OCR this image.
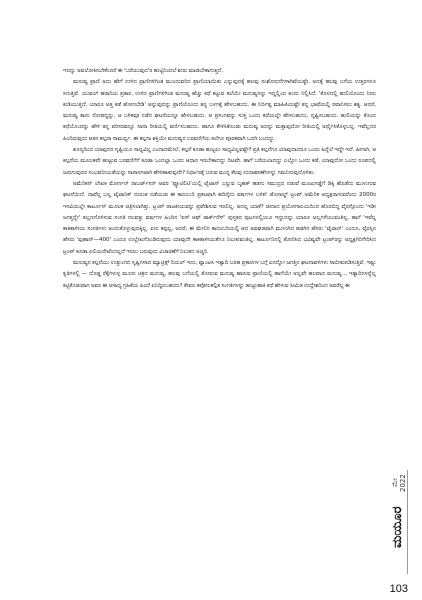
ಇದನ್ನು ಅವಲೋಕಿಸಬೇಕೆಂದರೆ ಈ 'ಬರೆಯುವುದ'ರ ಹುಟ್ಟಿನಿಂದಲೆ ಶುರು ಮಾಡಬೇಕಾಗುತ್ತದೆ.

ಮನುಷ್ಯ ಪ್ರಾಣಿ ಅದು ಹೇಗೆ ಉಳಿದ ಪ್ರಾಣಿಗಳಿಗಿಂತ ಮುಂದುವರಿದ ಪ್ರಾಣಿಯಾಯಿತು ಎನ್ನುವುದಕ್ಕೆ ಹಲವು ಸಂಶೋಧನೆಗಳಾಗಿವೆಯಷ್ಟೇ. ಅದಕ್ಕೆ ಹಲವು ಬಗೆಯ ಉತ್ತರಗಳೂ ಸಿಗುತ್ತಿವೆ. ಯುವಲ್ ಹರಾರಿಯ ಪ್ರಕಾರ, ಉಳಿದ ಪ್ರಾಣಿಗಳಿಗಿಂತ ಮನುಷ್ಯ ಹೆಚ್ಚು ಕಥೆ ಕಟ್ಟುವ ಕಲೆಯೇ ಮನುಷ್ಯನನ್ನು ಇದ್ದಲ್ಲಿಂದ ತಂದು ನಿಲ್ಲಿಸಿದೆ. 'ಕೊಳದಲ್ಲಿ ಹುಲಿಯೊಂದು ನೀರು ಕುಡಿಯುತ್ತಿದೆ, ಯಾರೂ ಅತ್ತ ಕಡೆ ಹೋಗಬೇಡಿ' ಅನ್ನುವುದನ್ನು ಪ್ರಾಣಿಯೊಂದು ತನ್ನ ಬಳಗಕ್ಕೆ ಹೇಳಬಹುದು. ಈ ನಿರ್ದಿಷ್ಟ ಮಾಹಿತಿಯಷ್ಟೇ ತನ್ನ ಭಾಷೆಯಲ್ಲಿ ರವಾನಿಸಲು ಶಕ್ಯ. ಆದರೆ, ಮನುಷ್ಯ ತಾನು ನೋಡದ್ದನ್ನು, ಆ ಬಳಿಕವೂ ನಡೆದ ಘಟನೆಯನ್ನೂ ಹೇಳಬಹುದು. ಆ ಪ್ರಸಂಗವನ್ನು ಸುತ್ತ ಒಂದು ಕಥೆಯಲ್ಲೇ ಹೇಳಬಹುದು, ಸೃಷ್ಟಿಸಬಹುದು. ಹುಲಿಯನ್ನು ಕೊಂದ ಕಥೆಯೊಂದನ್ನು ಹೇಳಿ ತನ್ನ ಪರಿಸರವನ್ನೂ ನಾನಾ ರೀತಿಯಲ್ಲಿ ವರ್ಣಿಸಬಹುದು. ಹಾಗೂ ಕೇಳಿಸಿಕೊಂಡು ಮನುಷ್ಯ ಅದನ್ನು ಮತ್ತಾವುದೋ ರೀತಿಯಲ್ಲಿ ಅರ್ಥೈಸಿಕೊಳ್ಳಬಲ್ಲ. ಇವೆಲ್ಲದರ ಹಿಂದಿರುವುದು ಆತನ ಕಲ್ಪನಾ ಸಾಮರ್ಥ್ಯ. ಈ ಕಲ್ಪನಾ ಶಕ್ತಿಯೇ ಮನುಷ್ಯನ ಬರವಣಿಗೆಯ ಕಲೆಗೂ ಪೂರಕವಾಗಿ ಒದಗಿ ಬಂದದ್ದು.

ಶೂನ್ಯದಿಂದ ಯಾವುದರ ಸೃಷ್ಟಿಯೂ ಸಾಧ್ಯವಿಲ್ಲ ಎಂದಾದಮೇಲೆ, ಕಲ್ಪನೆ ಕೂಡಾ ಹುಟ್ಟಲು ಸಾಧ್ಯವಿಲ್ಲವಷ್ಟೇ? ಪ್ರತಿ ಕಲ್ಪನೆಗೂ ಯಾವುದಾದರೂ ಒಂದು ಹಿನ್ನೆಲೆ ಇದ್ದೇ ಇದೆ. ಹೀಗಾಗಿ, ಆ ಕಲ್ಪನೆಯ ಮೂಲಕವೇ ಹುಟ್ಟುವ ಬರವಣಿಗೆಗೆ ಕೂಡಾ ಒಂದಲ್ಲಾ ಒಂದು ಆಧಾರ ಇರಬೇಕಾದದ್ದು ದಿಟವೇ. ಹಾಗೆ ಬರೆಯಲಾದದ್ದು ಎಲ್ಲೋ ಒಂದು ಕಡೆ, ಯಾವುದೋ ಒಂದು ರೂಪದಲ್ಲಿ ಜರುಗುವುದರ ಸಂಭವನೀಯತೆಯನ್ನು ಸಾರಾಸಗಟಾಗಿ ಹೇಳಿಹಾಕುವುದೇ? ನಿರ್ಧಾರಕ್ಕೆ ಬರುವ ಮುನ್ನ ಕೆಲವು ಉದಾಹರಣೆಗಳನ್ನು ಗಮನಿಸುವುದೊಳಿತು.

ಅಮೆರಿಕನ್ ಲೇಖಕ ಮೋರ್ಗನ್ ರಾಬರ್ಟ್‌ಸನ್ ಅವರ 'ಫ್ಯೂಟಿಲಿಟಿ'ಯಲ್ಲಿ ಟೈಟಾನ್ ಎನ್ನುವ ಬೃಹತ್ ಹಡಗು ಸಮುದ್ರದ ನಡುವೆ ಮಂಜುಗಡ್ಡೆಗೆ ಡಿಕ್ಕಿ ಹೊಡೆದು ಮುಳುಗುವ ಘಟನೆಯಿದೆ. ನಾವೆಲ್ಲ ಬಲ್ಲ ಟೈಟಾನಿಕ್ ದುರಂತ ನಡೆಯುವ ಈ ಕಾದಂಬರಿ ಪ್ರಕಟವಾಗಿ ಹದಿನೈದು ವರ್ಷಗಳ ಬಳಿಕ! ಡೊನಾಲ್ಡ್ ಟ್ರಂಪ್ ಅಮೆರಿಕ ಅಧ್ಯಕ್ಷರಾಗುವರೆಂದು 2000ರ ಇಸವಿಯಲ್ಲೇ ಕಾರ್ಟೂನ್ ಮೂಲಕ ಚಿತ್ರಿಸಲಾಗಿತ್ತು. ಟ್ರಂಪ್ ರಾಜಕೀಯವನ್ನು ಪ್ರವೇಶಿಸುವ ಇರಲಿಲ್ಲ. ಅದಲ್ಲ ಯಾಕೆ? ಚೀನಾದ ಪ್ರಯೋಗಾಲಯದಿಂದ ಹೊರಬಿದ್ದ ವೈರಸ್ಸೊಂದು 'ಇಡೀ ಜಗತ್ತನ್ನೇ' ತಲ್ಲಣಗೊಳಿಸುವ ಸಂಗತಿ ನಲವತ್ತು ವರ್ಷಗಳ ಹಿಂದಿನ 'ಐಸ್ ಆಫ್ ಡಾರ್ಕ್‌ನೆಸ್' ಪುಸ್ತಕದ ಪುಟಗಳಲ್ಲಿಯೂ ಇದ್ದುದನ್ನು ಯಾರೂ ಅಲ್ಲಗಳೆಯುವಂತಿಲ್ಲ. ಹಾಗೆ 'ಇವೆಲ್ಲ ಕಾಕತಾಳೀಯ ಸಂಗತಿಗಳು ಅಂದುಕೊಳ್ಳುವುದಕ್ಕಿಲ್ಲ. ಏನು ಕಪ್ಪಲ್ಲ, ಅದರೆ, ಈ ಮೇಲಿನ ಕಾದಂಬರಿಯಲ್ಲಿ ಆದ ಅವಘಡವಾಗಿ ಮುಳುಗಿದ ಹಡಗಿನ ಹೆಸರು 'ಟೈಟಾನ್' ಎಂದೂ, ವೈರಸ್ಸಿನ ಹೆಸರು 'ವುಹಾನ್—400' ಎಂದೂ ಉಲ್ಲೇಖಗೊಂಡಿರುವುದು ಯಾವುದೇ ಕಾಕತಾಳೀಯತೆಗೂ ನಿಲುಕುವಂತಿಲ್ಲ. ಕಾರ್ಟೂನಿನಲ್ಲಿ ತೋರಿಸಿದ ಭವಿಷ್ಯವೇ ಟ್ರಂಪ್‌ರನ್ನು ಅಧ್ಯಕ್ಷಗಿರಿಗೇರಿಸಿದ ಟ್ರಂಪ್ ಕೂಡಾ ಏಲಿಯನೇಟೆಂದಲ್ಲದೆ ಇರಲು ಬರುವುದು ವಿಚಾರಣೆಗೆ ನಿಲುಕದ ಅಚ್ಚರಿ.

ಮನುಷ್ಯನ ಕಲ್ಪನೆಯು ಉತ್ತುಂಗದ ಸೃಷ್ಟಿಗಳಾದ ಮ್ಯಾಟ್ರಿಕ್ಸ್ ರಿಯಲ್ ಇದು, ಫ್ಯಾಂಟಸಿ ಇತ್ಯಾದಿ ಬರಹ ಪ್ರಕಾರಗಳ ಬಗ್ಗೆ ಏನನ್ನೋ ಜಗತ್ತಿನ ಘಟನಾವಳಿಗಳು ಸಾಬೀತುಪಡಿಸುತ್ತಿವೆ. ಇಷ್ಟು ಕೃತಿಗಳಲ್ಲಿ — ದೊಡ್ಡ ರೆಕ್ಕೆಗಳುಳ್ಳ ಮೂರು ಚಕ್ರದ ಮನುಷ್ಯ, ಹಲವು ಬಗೆಯಲ್ಲಿ ತೋರುವ ಮನುಷ್ಯ ಹಾರುವ ಪ್ರಾಣಿಯಲ್ಲಿ ಹಾಗೆಯೇ ಅಲ್ಲವೇ ಹಲವಾದ ಮನುಷ್ಯ... ಇತ್ಯಾದಿಗಳನ್ನೆಲ್ಲ ಕಟ್ಟಿಕೊಡುವಾಗ ಅವರ ಈ ಅಸಾಧ್ಯ ಗ್ರಹಿಕೆಯ ಹಿಂದೆ ಏನಿದ್ದಿರಬಹುದು? ಕೇವಲ ಕಪೋಲಕಲ್ಪಿತ ಸಂಗತಿಗಳನ್ನು ಹುಟ್ಟುಹಾಕಿ ಕಥೆ ಹೇಳುವ ಸೀಮಿತ ಉದ್ದೇಶದಿಂದ ಅವರೆಲ್ಲ ಈ

ಮೇ 2022
ಮಯೂರ
103
